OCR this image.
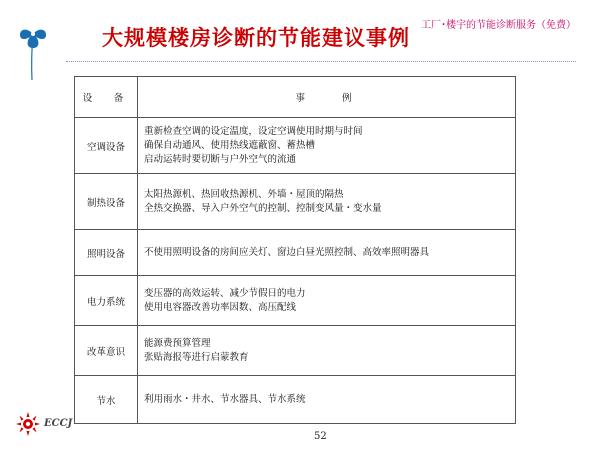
大规模楼房诊断的节能建议事例
工厂･楼宇的节能诊断服务（免费）
设　备	事　　例
空调设备	重新检查空调的设定温度，设定空调使用时期与时间
确保自动通风、使用热线遮蔽窗、蓄热槽
启动运转时要切断与户外空气的流通

制热设备	太阳热源机、热回收热源机、外墙・屋顶的隔热
全热交换器、导入户外空气的控制、控制变风量・变水量

照明设备	不使用照明设备的房间应关灯、窗边白昼光照控制、高效率照明器具

电力系统	变压器的高效运转、减少节假日的电力
使用电容器改善功率因数、高压配线

改革意识	能源费预算管理
张贴海报等进行启蒙教育

节水	利用雨水・井水、节水器具、节水系统
ECCJ
52
